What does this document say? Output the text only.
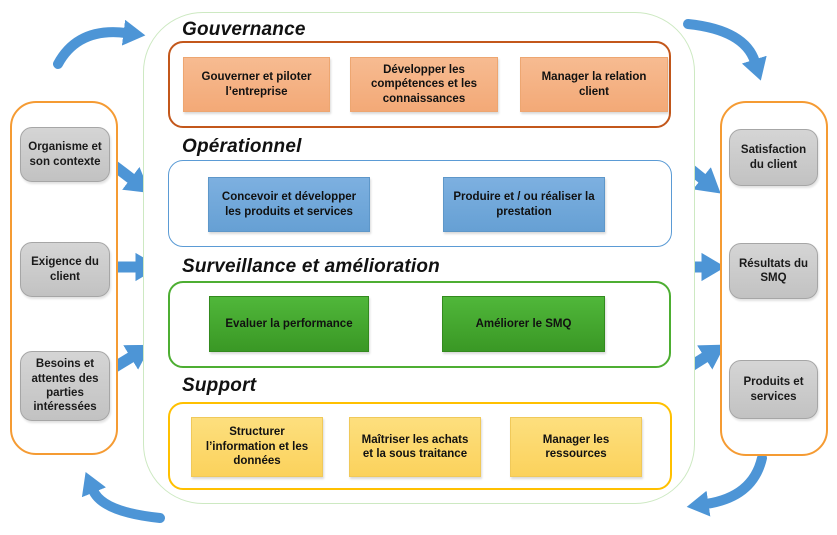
Organisme et son contexte
Exigence du client
Besoins et attentes des parties intéressées
Gouvernance
Gouverner et piloter l’entreprise
Développer les compétences et les connaissances
Manager la relation client
Opérationnel
Concevoir et développer les produits et services
Produire et / ou réaliser la prestation
Surveillance et amélioration
Evaluer la performance	Améliorer le SMQ
Support
Structurer l’information et les données
Maîtriser les achats et la sous traitance
Manager les ressources
Satisfaction du client
Résultats du SMQ
Produits et services
